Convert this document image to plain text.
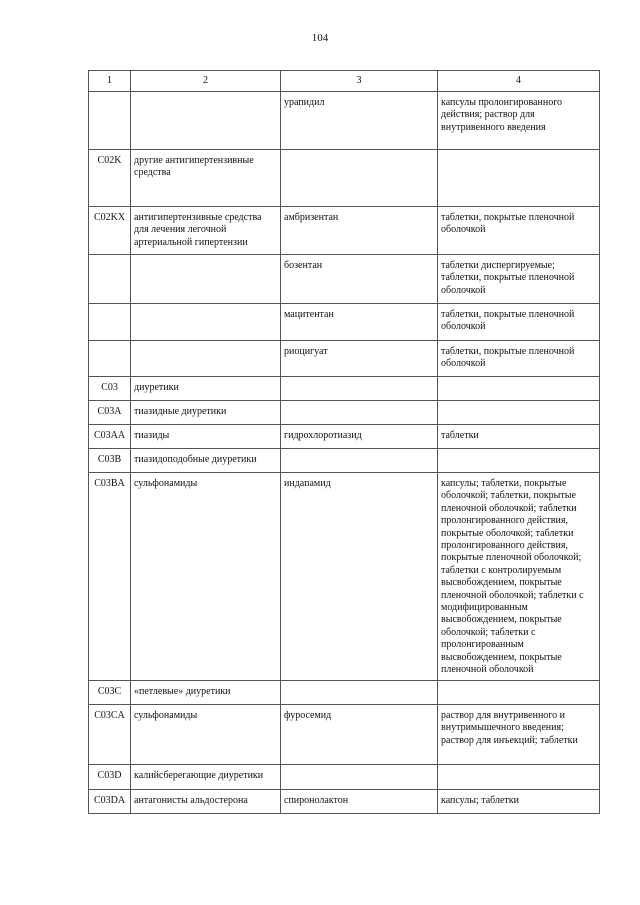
104
1	2	3	4
		урапидил	капсулы пролонгированного действия; раствор для внутривенного введения
C02K	другие антигипертензивные средства		
C02KX	антигипертензивные средства для лечения легочной артериальной гипертензии	амбризентан	таблетки, покрытые пленочной оболочкой
		бозентан	таблетки диспергируемые; таблетки, покрытые пленочной оболочкой
		мацитентан	таблетки, покрытые пленочной оболочкой
		риоцигуат	таблетки, покрытые пленочной оболочкой
C03	диуретики		
C03A	тиазидные диуретики		
C03AA	тиазиды	гидрохлоротиазид	таблетки
C03B	тиазидоподобные диуретики		
C03BA	сульфонамиды	индапамид	капсулы; таблетки, покрытые оболочкой; таблетки, покрытые пленочной оболочкой; таблетки пролонгированного действия, покрытые оболочкой; таблетки пролонгированного действия, покрытые пленочной оболочкой; таблетки с контролируемым высвобождением, покрытые пленочной оболочкой; таблетки с модифицированным высвобождением, покрытые оболочкой; таблетки с пролонгированным высвобождением, покрытые пленочной оболочкой
C03C	«петлевые» диуретики		
C03CA	сульфонамиды	фуросемид	раствор для внутривенного и внутримышечного введения; раствор для инъекций; таблетки
C03D	калийсберегающие диуретики		
C03DA	антагонисты альдостерона	спиронолактон	капсулы; таблетки
